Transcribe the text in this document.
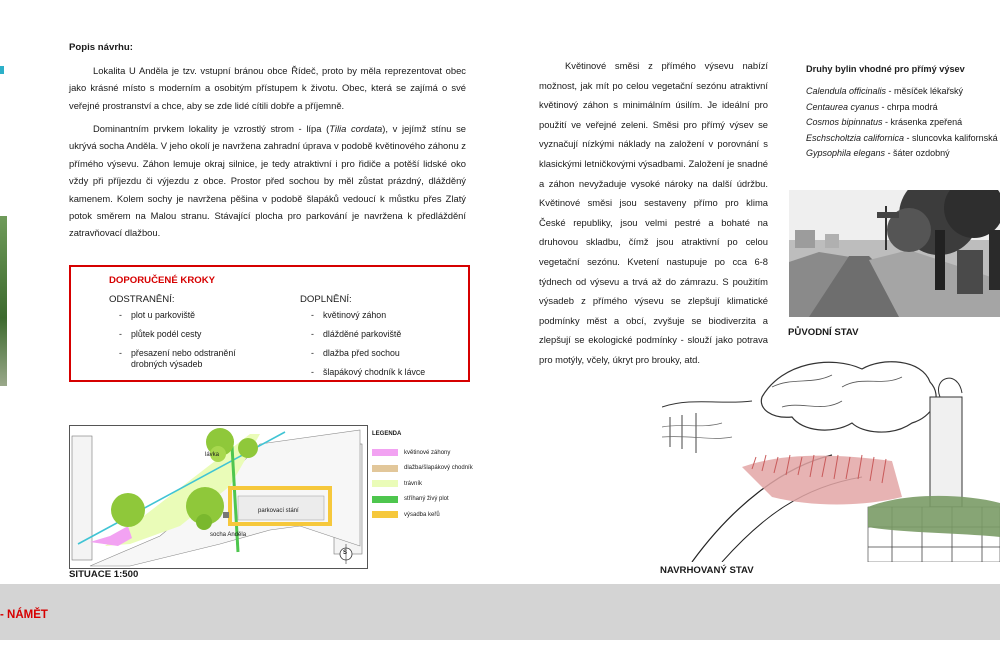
Popis návrhu:
Lokalita U Anděla je tzv. vstupní bránou obce Řídeč, proto by měla reprezentovat obec jako krásné místo s moderním a osobitým přístupem k životu. Obec, která se zajímá o své veřejné prostranství a chce, aby se zde lidé cítili dobře a příjemně.
Dominantním prvkem lokality je vzrostlý strom - lípa (Tilia cordata), v jejímž stínu se ukrývá socha Anděla. V jeho okolí je navržena zahradní úprava v podobě květinového záhonu z přímého výsevu. Záhon lemuje okraj silnice, je tedy atraktivní i pro řidiče a potěší lidské oko vždy při příjezdu či výjezdu z obce. Prostor před sochou by měl zůstat prázdný, dlážděný kamenem. Kolem sochy je navržena pěšina v podobě šlapáků vedoucí k můstku přes Zlatý potok směrem na Malou stranu. Stávající plocha pro parkování je navržena k předláždění zatravňovací dlažbou.
DOPORUČENÉ KROKY
ODSTRANĚNÍ:
- plot u parkoviště
- plůtek podél cesty
- přesazení nebo odstranění drobných výsadeb
DOPLNĚNÍ:
- květinový záhon
- dlážděné parkoviště
- dlažba před sochou
- šlapákový chodník k lávce
lávka
parkovací stání
socha Anděla
S
SITUACE 1:500
LEGENDA
květinové záhony
dlažba/šlapákový chodník
trávník
stříhaný živý plot
výsadba keřů
Květinové směsi z přímého výsevu nabízí možnost, jak mít po celou vegetační sezónu atraktivní květinový záhon s minimálním úsilím. Je ideální pro použití ve veřejné zeleni. Směsi pro přímý výsev se vyznačují nízkými náklady na založení v porovnání s klasickými letničkovými výsadbami. Založení je snadné a záhon nevyžaduje vysoké nároky na další údržbu. Květinové směsi jsou sestaveny přímo pro klima České republiky, jsou velmi pestré a bohaté na druhovou skladbu, čímž jsou atraktivní po celou vegetační sezónu. Kvetení nastupuje po cca 6-8 týdnech od výsevu a trvá až do zámrazu. S použitím výsadeb z přímého výsevu se zlepšují klimatické podmínky měst a obcí, zvyšuje se biodiverzita a zlepšují se ekologické podmínky - slouží jako potrava pro motýly, včely, úkryt pro brouky, atd.
Druhy bylin vhodné pro přímý výsev
Calendula officinalis - měsíček lékařský
Centaurea cyanus - chrpa modrá
Cosmos bipinnatus - krásenka zpeřená
Eschscholtzia californica - sluncovka kalifornská
Gypsophila elegans - šáter ozdobný
PŮVODNÍ STAV
NAVRHOVANÝ STAV
- NÁMĚT
